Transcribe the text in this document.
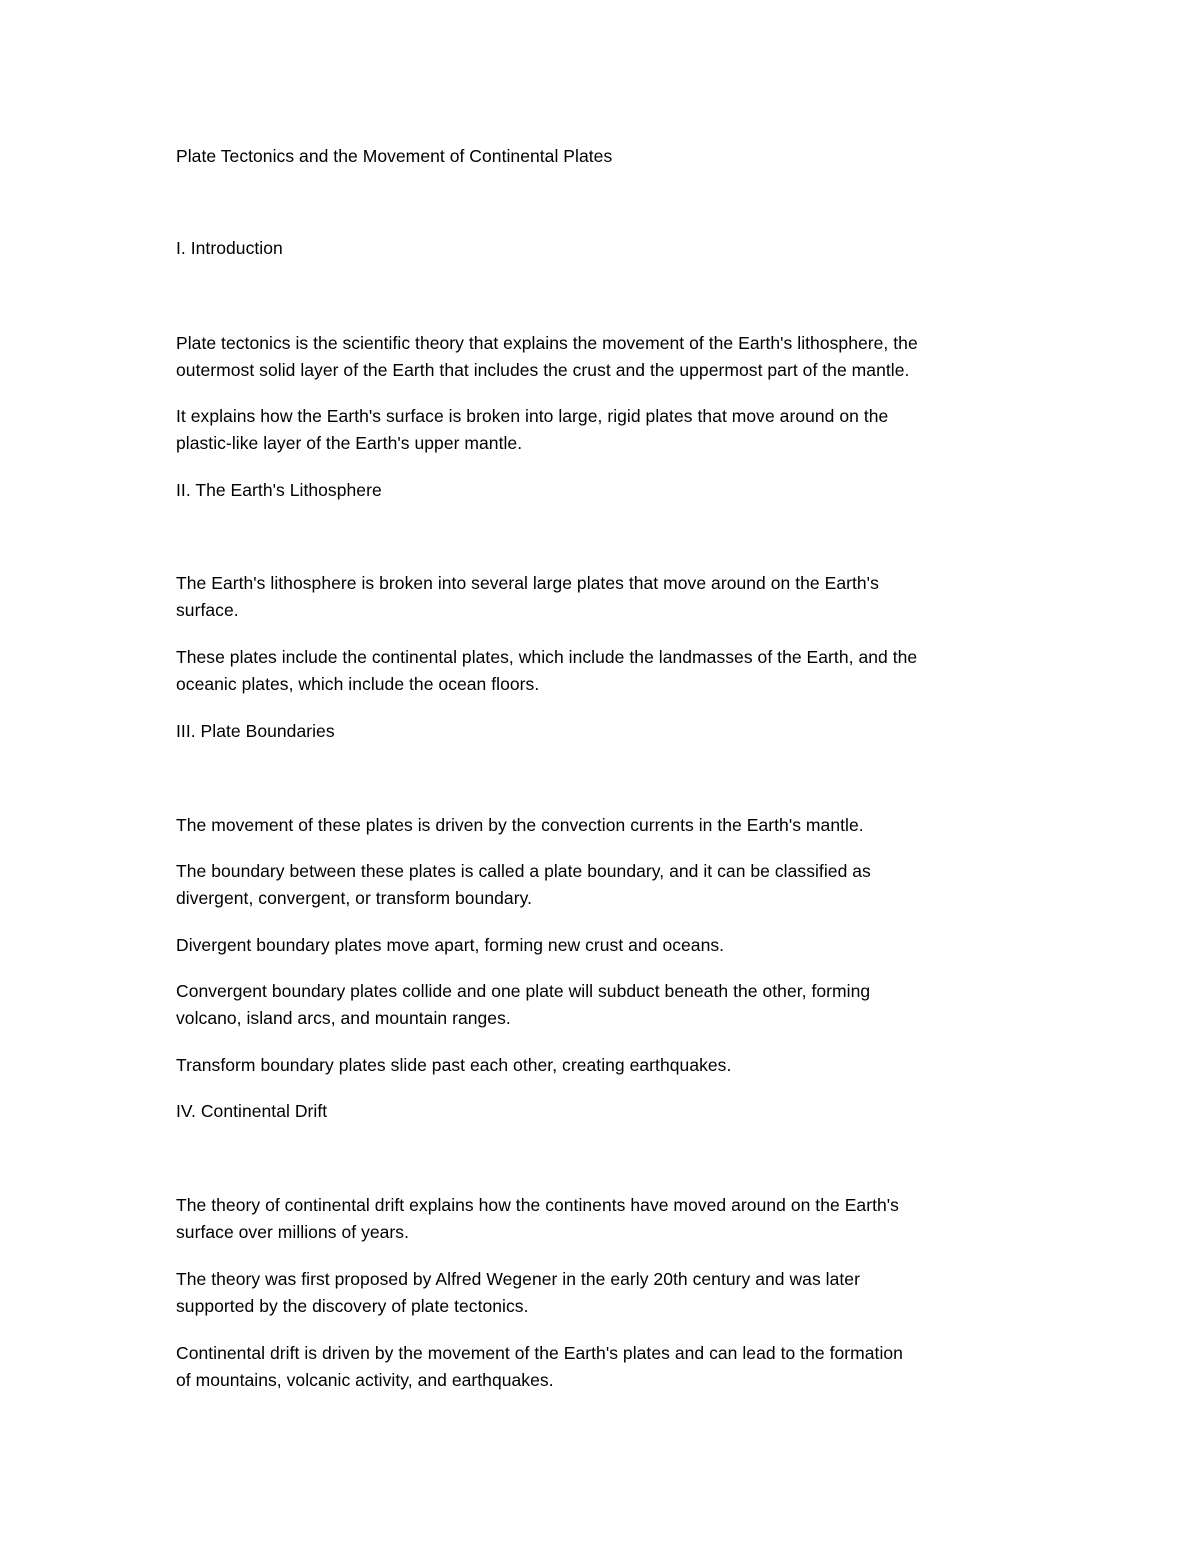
Plate Tectonics and the Movement of Continental Plates

I. Introduction

Plate tectonics is the scientific theory that explains the movement of the Earth's lithosphere, the

outermost solid layer of the Earth that includes the crust and the uppermost part of the mantle.

It explains how the Earth's surface is broken into large, rigid plates that move around on the

plastic-like layer of the Earth's upper mantle.

II. The Earth's Lithosphere

The Earth's lithosphere is broken into several large plates that move around on the Earth's

surface.

These plates include the continental plates, which include the landmasses of the Earth, and the

oceanic plates, which include the ocean floors.

III. Plate Boundaries

The movement of these plates is driven by the convection currents in the Earth's mantle.

The boundary between these plates is called a plate boundary, and it can be classified as

divergent, convergent, or transform boundary.

Divergent boundary plates move apart, forming new crust and oceans.

Convergent boundary plates collide and one plate will subduct beneath the other, forming

volcano, island arcs, and mountain ranges.

Transform boundary plates slide past each other, creating earthquakes.

IV. Continental Drift

The theory of continental drift explains how the continents have moved around on the Earth's

surface over millions of years.

The theory was first proposed by Alfred Wegener in the early 20th century and was later

supported by the discovery of plate tectonics.

Continental drift is driven by the movement of the Earth's plates and can lead to the formation

of mountains, volcanic activity, and earthquakes.
